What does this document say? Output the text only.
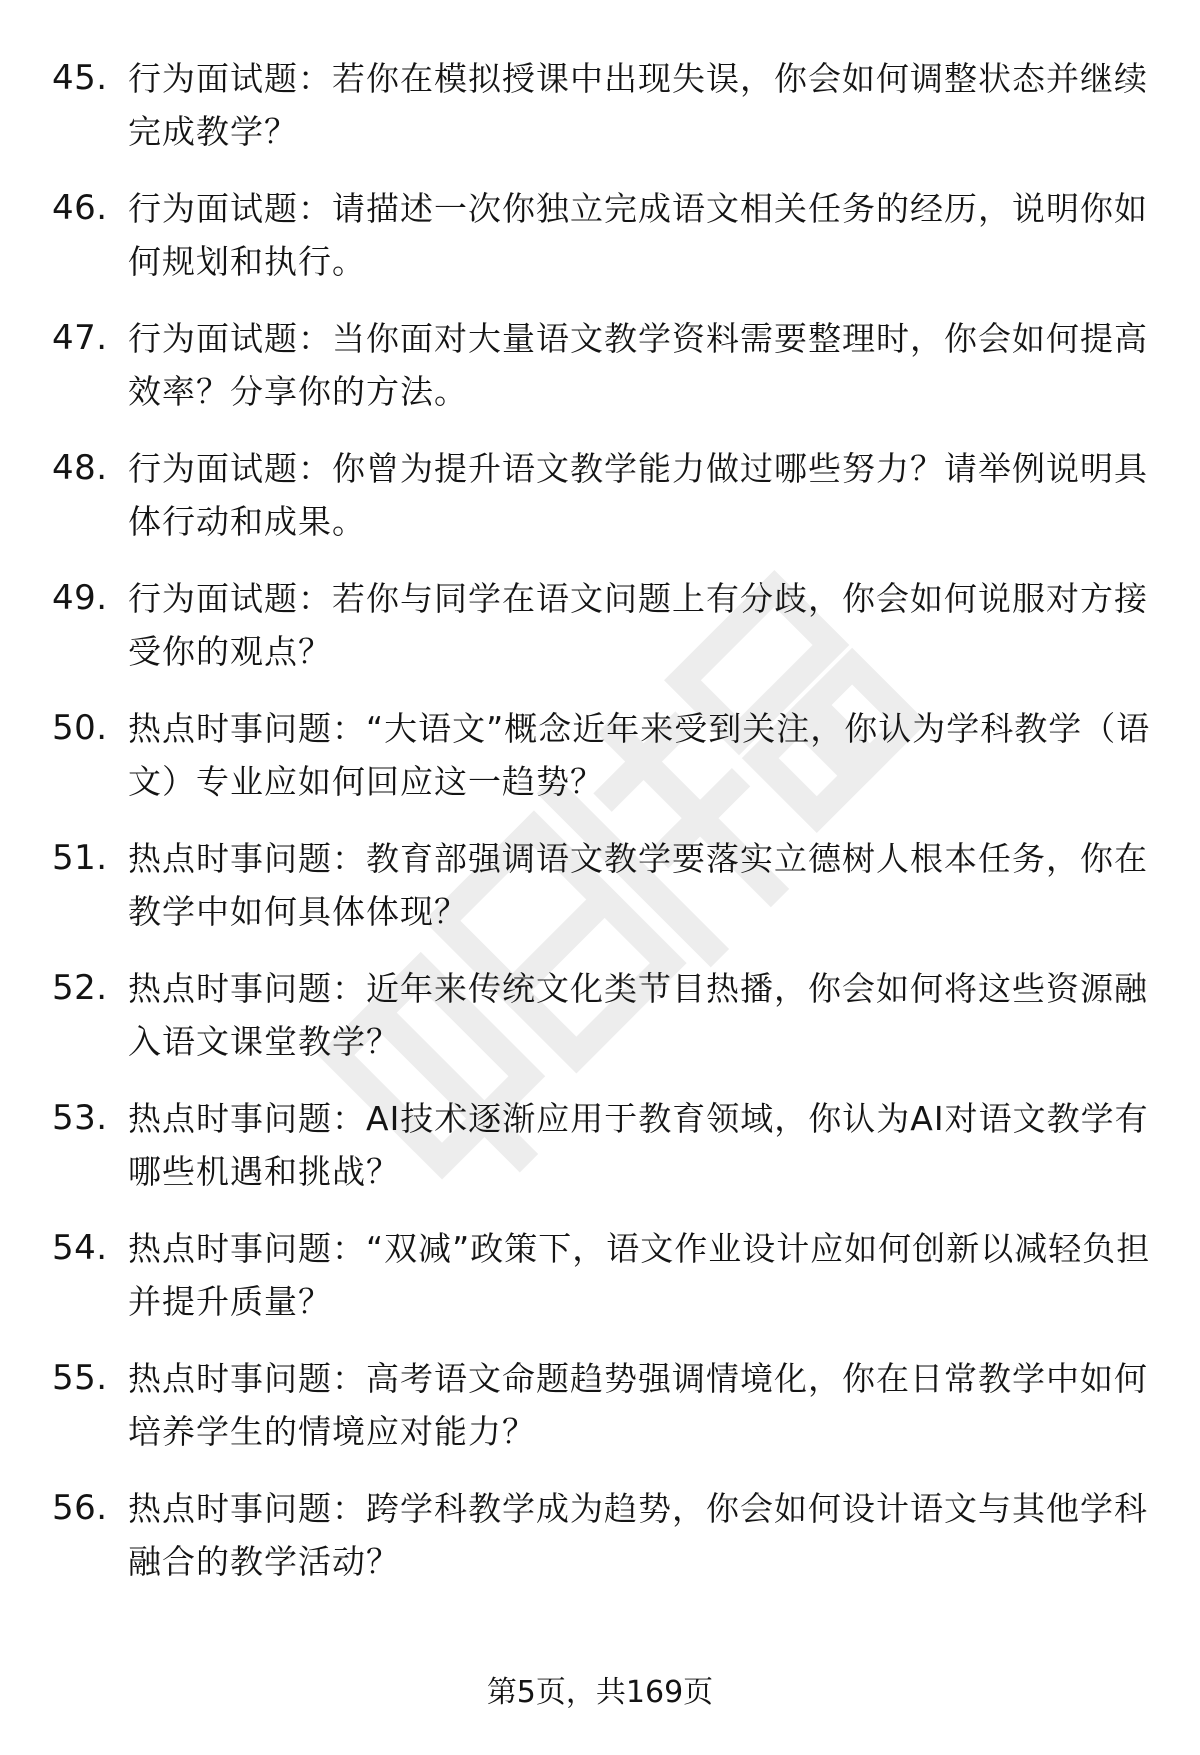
45. 行为面试题：若你在模拟授课中出现失误，你会如何调整状态并继续完成教学？
46. 行为面试题：请描述一次你独立完成语文相关任务的经历，说明你如何规划和执行。
47. 行为面试题：当你面对大量语文教学资料需要整理时，你会如何提高效率？分享你的方法。
48. 行为面试题：你曾为提升语文教学能力做过哪些努力？请举例说明具体行动和成果。
49. 行为面试题：若你与同学在语文问题上有分歧，你会如何说服对方接受你的观点？
50. 热点时事问题：“大语文”概念近年来受到关注，你认为学科教学（语文）专业应如何回应这一趋势？
51. 热点时事问题：教育部强调语文教学要落实立德树人根本任务，你在教学中如何具体体现？
52. 热点时事问题：近年来传统文化类节目热播，你会如何将这些资源融入语文课堂教学？
53. 热点时事问题：AI技术逐渐应用于教育领域，你认为AI对语文教学有哪些机遇和挑战？
54. 热点时事问题：“双减”政策下，语文作业设计应如何创新以减轻负担并提升质量？
55. 热点时事问题：高考语文命题趋势强调情境化，你在日常教学中如何培养学生的情境应对能力？
56. 热点时事问题：跨学科教学成为趋势，你会如何设计语文与其他学科融合的教学活动？
第5页，共169页
